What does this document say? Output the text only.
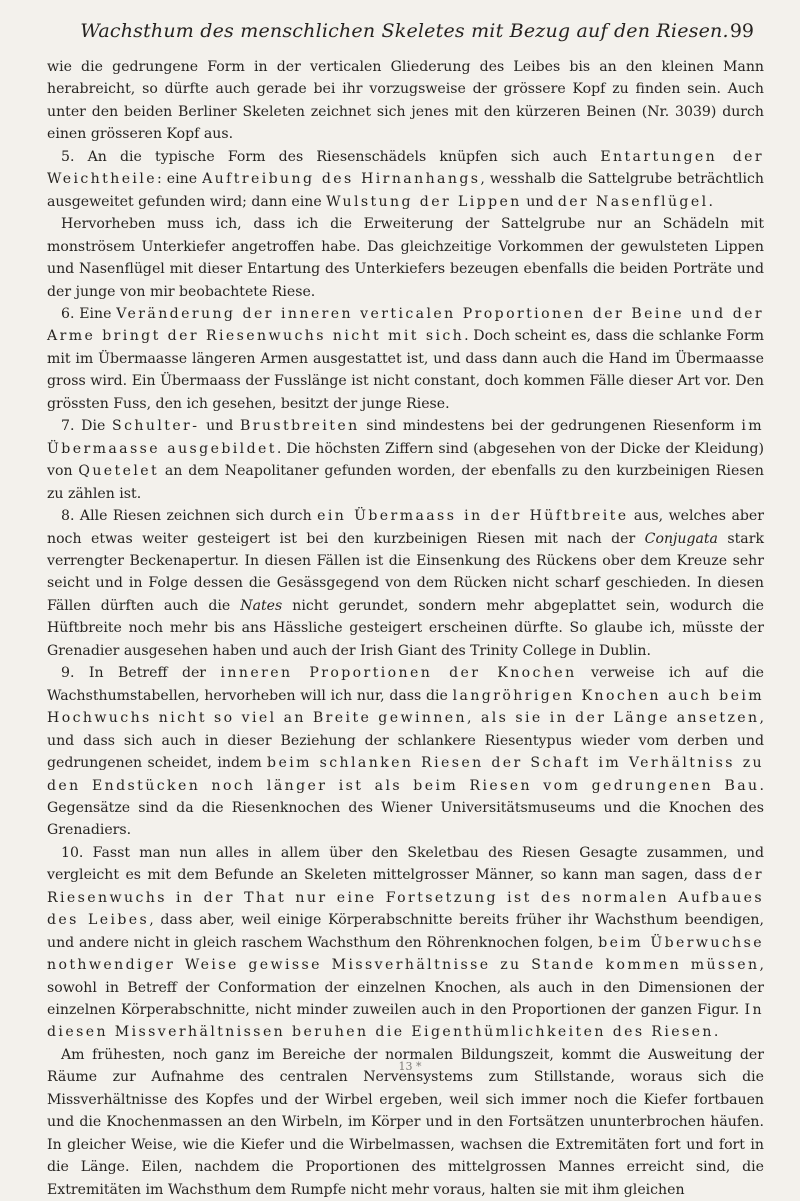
Wachsthum des menschlichen Skeletes mit Bezug auf den Riesen. 99

wie die gedrungene Form in der verticalen Gliederung des Leibes bis an den kleinen Mann herabreicht, so dürfte auch gerade bei ihr vorzugsweise der grössere Kopf zu finden sein. Auch unter den beiden Berliner Skeleten zeichnet sich jenes mit den kürzeren Beinen (Nr. 3039) durch einen grösseren Kopf aus.

5. An die typische Form des Riesenschädels knüpfen sich auch Entartungen der Weichtheile: eine Auftreibung des Hirnanhangs, wesshalb die Sattelgrube beträchtlich ausgeweitet gefunden wird; dann eine Wulstung der Lippen und der Nasenflügel.

Hervorheben muss ich, dass ich die Erweiterung der Sattelgrube nur an Schädeln mit monströsem Unterkiefer angetroffen habe. Das gleichzeitige Vorkommen der gewulsteten Lippen und Nasenflügel mit dieser Entartung des Unterkiefers bezeugen ebenfalls die beiden Porträte und der junge von mir beobachtete Riese.

6. Eine Veränderung der inneren verticalen Proportionen der Beine und der Arme bringt der Riesenwuchs nicht mit sich. Doch scheint es, dass die schlanke Form mit im Übermaasse längeren Armen ausgestattet ist, und dass dann auch die Hand im Übermaasse gross wird. Ein Übermaass der Fusslänge ist nicht constant, doch kommen Fälle dieser Art vor. Den grössten Fuss, den ich gesehen, besitzt der junge Riese.

7. Die Schulter- und Brustbreiten sind mindestens bei der gedrungenen Riesenform im Übermaasse ausgebildet. Die höchsten Ziffern sind (abgesehen von der Dicke der Kleidung) von Quetelet an dem Neapolitaner gefunden worden, der ebenfalls zu den kurzbeinigen Riesen zu zählen ist.

8. Alle Riesen zeichnen sich durch ein Übermaass in der Hüftbreite aus, welches aber noch etwas weiter gesteigert ist bei den kurzbeinigen Riesen mit nach der Conjugata stark verrengter Beckenapertur. In diesen Fällen ist die Einsenkung des Rückens ober dem Kreuze sehr seicht und in Folge dessen die Gesässgegend von dem Rücken nicht scharf geschieden. In diesen Fällen dürften auch die Nates nicht gerundet, sondern mehr abgeplattet sein, wodurch die Hüftbreite noch mehr bis ans Hässliche gesteigert erscheinen dürfte. So glaube ich, müsste der Grenadier ausgesehen haben und auch der Irish Giant des Trinity College in Dublin.

9. In Betreff der inneren Proportionen der Knochen verweise ich auf die Wachsthumstabellen, hervorheben will ich nur, dass die langröhrigen Knochen auch beim Hochwuchs nicht so viel an Breite gewinnen, als sie in der Länge ansetzen, und dass sich auch in dieser Beziehung der schlankere Riesentypus wieder vom derben und gedrungenen scheidet, indem beim schlanken Riesen der Schaft im Verhältniss zu den Endstücken noch länger ist als beim Riesen vom gedrungenen Bau. Gegensätze sind da die Riesenknochen des Wiener Universitätsmuseums und die Knochen des Grenadiers.

10. Fasst man nun alles in allem über den Skeletbau des Riesen Gesagte zusammen, und vergleicht es mit dem Befunde an Skeleten mittelgrosser Männer, so kann man sagen, dass der Riesenwuchs in der That nur eine Fortsetzung ist des normalen Aufbaues des Leibes, dass aber, weil einige Körperabschnitte bereits früher ihr Wachsthum beendigen, und andere nicht in gleich raschem Wachsthum den Röhrenknochen folgen, beim Überwuchse nothwendiger Weise gewisse Missverhältnisse zu Stande kommen müssen, sowohl in Betreff der Conformation der einzelnen Knochen, als auch in den Dimensionen der einzelnen Körperabschnitte, nicht minder zuweilen auch in den Proportionen der ganzen Figur. In diesen Missverhältnissen beruhen die Eigenthümlichkeiten des Riesen.

Am frühesten, noch ganz im Bereiche der normalen Bildungszeit, kommt die Ausweitung der Räume zur Aufnahme des centralen Nervensystems zum Stillstande, woraus sich die Missverhältnisse des Kopfes und der Wirbel ergeben, weil sich immer noch die Kiefer fortbauen und die Knochenmassen an den Wirbeln, im Körper und in den Fortsätzen ununterbrochen häufen. In gleicher Weise, wie die Kiefer und die Wirbelmassen, wachsen die Extremitäten fort und fort in die Länge. Eilen, nachdem die Proportionen des mittelgrossen Mannes erreicht sind, die Extremitäten im Wachsthum dem Rumpfe nicht mehr voraus, halten sie mit ihm gleichen

13 *
